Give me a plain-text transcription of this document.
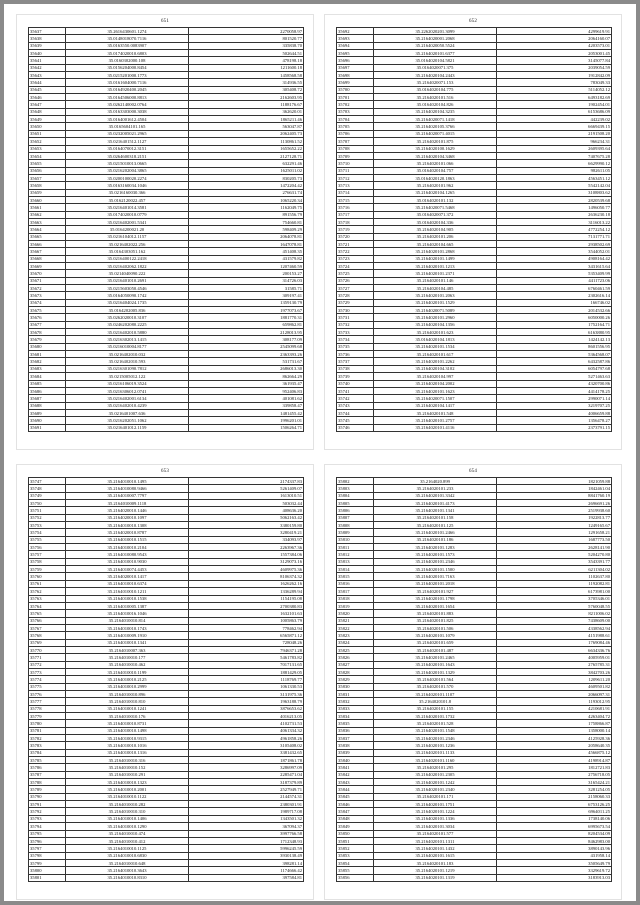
651
35637	35.2616430601.1274	2270058.97
35638	35.0148018070.7116	801520.77
35639	35.0163550.0083907	335838.70
35640	35.0174020010.6803	502644.51
35641	35.0160302000.108	478198.18
35642	35.0156204000.8454	1211600.18
35643	35.0215201000.1773	1458568.58
35644	35.0161604000.7116	314936.55
35645	35.0164920400.2045	305408.72
35646	35.0164506000.8813	2162603.95
35647	35.0262140002.0764	1188176.67
35648	35.0163303000.3038	362620.01
35649	35.0164001612.4504	1865211.46
35650	35.0165604101.165	563047.87
35651	35.0232005021.2965	2062405.73
35652	35.0216401512.1127	1130861.52
35653	35.0164070012.3151	1655652.22
35654	35.0264600318.2151	2127128.71
35655	35.0215010013.0665	632291.46
35656	35.0216202004.3865	1625011.02
35657	35.0200100020.2274	830205.73
35658	35.0163160034.1046	1472204.42
35659	35.0216160030.366	276631.74
35660	35.0162120022.457	1065220.34
35661	35.0216401014.3581	1162049.75
35662	35.0174020010.0779	891556.79
35663	35.0216402001.5341	754660.81
35664	35.0164200021.20	598409.29
35665	35.0216104012.1157	2064078.81
35666	35.0216402022.256	1647078.81
35667	35.0164303051.162	451408.35
35668	35.0216400122.2418	431579.82
35669	35.0216402062.1822	1207460.59
35670	35.0214040090.222	200153.27
35671	35.0216401010.2691	314726.03
35672	35.0215603050.4546	31585.71
35673	35.0164050090.1742	309197.41
35674	35.0216404024.1735	1359130.79
35675	35.0164202005.836	1977073.67
35676	35.0262020010.3107	1881770.31
35677	35.0246202080.2225	659862.81
35678	35.0216402010.5880	2128013.95
35679	35.0216302013.1415	308177.09
35680	35.0216010004.8177	2545099.68
35681	35.0216402010.032	2363393.26
35682	35.0216402010.593	531731.67
35683	35.0216301090.7812	2686013.30
35684	35.0215005012.122	862664.29
35685	35.0216106019.3524	361935.47
35686	35.0216306012.0741	952406.83
35687	35.0216402001.6134	401081.62
35688	35.0216402010.4239	339858.47
35689	35.0216401007.636	1481455.42
35690	35.0216202051.1062	1996201.01
35691	35.0216401012.1159	1506264.71
652
35692	35.2262020201.3099	4299619.91
35693	35.2164020001.2068	2064160.07
35694	35.2164020050.5524	4203573.01
35695	35.2164020101.6377	2053001.45
35696	35.0164020104.5821	3145077.84
35697	35.0164020071.375	2039054.59
35698	35.2164020104.2443	1912842.09
35699	35.2164020071.153	783049.33
35700	35.0164020104.775	5114052.12
35701	35.2164020101.516	6493182.69
35702	35.0164020104.826	1902454.01
35703	35.2164020104.3235	6153686.09
35704	35.2164020071.1418	442239.02
35705	35.2164020105.3766	6669439.15
35706	35.2164020071.4015	2191508.20
35707	35.2164020101.875	966234.31
35708	35.2164020100.1629	2609395.64
35709	35.2164020104.3468	7407675.28
35710	35.2164020101.066	6629990.12
35711	35.0164020104.757	982611.05
35712	35.0164020120.1863	4563451.12
35713	35.2164020101.962	5542142.04
35714	35.2164020104.1265	3108803.62
35715	35.0164020101.132	2820539.68
35716	35.2164020071.5468	1496050.77
35717	35.0164020071.372	2636230.18
35718	35.0164020104.336	3116013.22
35719	35.2164020104.905	4772254.12
35720	35.2164020101.206	7131771.71
35721	35.2164020104.665	2938502.69
35722	35.2164020101.2868	3544052.01
35723	35.2164020101.1499	4908164.42
35724	35.2164020101.1213	3431615.64
35725	35.2164020101.2371	5353409.99
35726	35.2164020101.146	4411723.06
35727	35.2164020104.485	6760461.59
35728	35.2164020101.2063	2302616.14
35729	35.2164020101.1529	166746.02
35730	35.2164020071.5089	2014532.66
35731	35.2164020101.2960	6050000.26
35732	35.2164020104.1356	1752164.71
35733	35.2164020101.623	6163880.95
35734	35.0164020104.1813	1424142.13
35735	35.2164020101.1534	8601556.95
35736	35.2164020101.617	5364568.07
35737	35.2164020101.2262	6432587.86
35738	35.2164020104.3102	6054797.68
35739	35.2164020104.997	5271463.63
35740	35.2164020104.2002	4320700.86
35741	35.2164020101.1623	4414178.25
35742	35.2164020071.1507	2990071.14
35743	35.2164020104.1417	3219707.25
35744	35.2164020101.548	4006659.88
35745	35.2164020101.2757	1356478.27
35746	35.2164020101.4116	2373791.15
653
35747	35.2164010010.1495	2174337.83
35748	35.2164010080.9466	5261409.07
35749	35.2164010007.7797	1613010.51
35750	35.2164010009.1118	503032.44
35751	35.2164020010.1446	408636.20
35752	35.2164020010.1097	5062163.42
35753	35.2164010010.1308	3380159.80
35754	35.2164020010.8787	3280419.21
35755	35.2164010010.1515	334093.97
35756	35.2164010010.2104	2263967.36
35757	35.2164010080.9543	1557384.06
35758	35.2164010010.9030	3129073.16
35759	35.2164010074.4453	4609975.36
35760	35.2164020010.1417	8106374.32
35761	35.2164010010.6374	1626262.16
35762	35.2164010010.1211	1336289.94
35763	35.2164010010.1538	1154195.08
35764	35.2164010005.1387	2700380.83
35765	35.2164010016.1046	1632101.63
35766	35.2164010010.814	1005863.79
35767	35.2164010010.1743	778462.94
35768	35.2164010009.1910	6565871.12
35769	35.2164010010.1341	728048.26
35770	35.2164010007.363	7946371.28
35771	35.2164010010.177	5461783.82
35772	35.2164010010.462	7017131.65
35773	35.2164010010.1199	1881429.05
35774	35.2164010010.2125	1118769.77
35775	35.2164010010.2999	1061330.53
35776	35.2164010010.896	3131975.36
35777	35.2164010010.810	1963188.79
35778	35.2164010010.1241	3876653.62
35779	35.2164010010.176	4016213.05
35780	35.2164010010.8731	4102731.53
35781	35.2164010010.1498	4061334.32
35782	35.2164010010.9315	4961858.26
35783	35.2164010010.1016	3105408.02
35784	35.2164010010.1316	3381432.65
35785	35.2164010010.316	1871861.78
35786	35.2164010010.152	3286997.09
35787	35.2164010010.291	2285471.04
35788	35.2164010010.1323	3187379.89
35789	35.2164010010.2001	2527949.71
35790	35.2164010010.1122	2144574.31
35791	35.2164010010.282	2380301.91
35792	35.2164010010.310	1989717.08
35793	35.2164010010.1406	1343501.32
35794	35.2164010010.1290	367094.37
35795	35.2164010010.474	3997766.58
35796	35.2164010010.412	1712348.93
35797	35.2164010010.1125	5996245.59
35798	35.2164010010.6830	3930138.49
35799	35.2164010010.648	398281.14
35800	35.2164010010.3643	1174666.42
35801	35.2164010010.8310	397584.81
654
35802	35.2164020.899	1821059.88
35803	35.2164020101.233	1842461.04
35804	35.2164020101.3342	8841760.19
35805	35.2164020101.4173	2696691.26
35806	35.2164020101.1341	2519938.60
35807	35.2164020101.158	1922813.77
35808	35.2164020101.125	1249165.67
35809	35.2164020101.2466	1291658.21
35810	35.2164020101.186	1687773.50
35811	35.2164020101.1283	2628141.90
35812	35.2164020101.1573	5204270.80
35813	35.2164020101.2346	3543391.77
35814	35.2164020101.1500	6211304.02
35815	35.2164020101.7163	1102637.80
35816	35.2164020101.2018	1192082.81
35817	35.2164020101.927	6173981.00
35818	35.2164020101.1798	3705346.01
35819	35.2164020101.1654	5760048.55
35820	35.2164020101.883	8211006.02
35821	35.2164020101.825	7438609.00
35822	35.2164020101.506	4338562.94
35823	35.2164020101.1079	4151988.61
35824	35.2164020101.659	1769084.46
35825	35.2164020101.487	6634336.76
35826	35.2164020101.2465	4005959.01
35827	35.2164020101.1643	2765785.31
35828	35.2164020101.1329	3842703.26
35829	35.2164020101.564	1209611.20
35830	35.2164020101.570	4609501.82
35831	35.2164020101.1107	2066097.31
35832	35.2164020101.8	1193012.95
35833	35.2164020101.155	4210681.91
35834	35.2164020101.1732	4263404.72
35835	35.2164020101.528	1758866.87
35836	35.2164020101.1548	1358000.14
35837	35.2164020101.2346	4125928.36
35838	35.2164020101.1236	2058640.35
35839	35.2164020101.1133	4566875.12
35840	35.2164020101.1160	4198914.87
35841	35.2164020101.295	1812721.83
35842	35.2164020101.2305	2756718.05
35843	35.2164020101.1242	3165424.21
35844	35.2164020101.2340	3281254.05
35845	35.2164020101.171	2158060.33
35846	35.2164020101.1751	6753126.25
35847	35.2164020101.1224	6964011.25
35848	35.2164020101.1336	1738140.06
35849	35.2164020101.3034	6995673.54
35850	35.2164020101.577	8204534.09
35851	35.2164020101.1311	8462983.00
35852	35.2164020101.1432	3890143.96
35853	35.2164020101.1615	431958.14
35854	35.2164020101.183	3505649.79
35855	35.2164020101.1219	3329619.72
35856	35.2164020101.1319	3183913.03
